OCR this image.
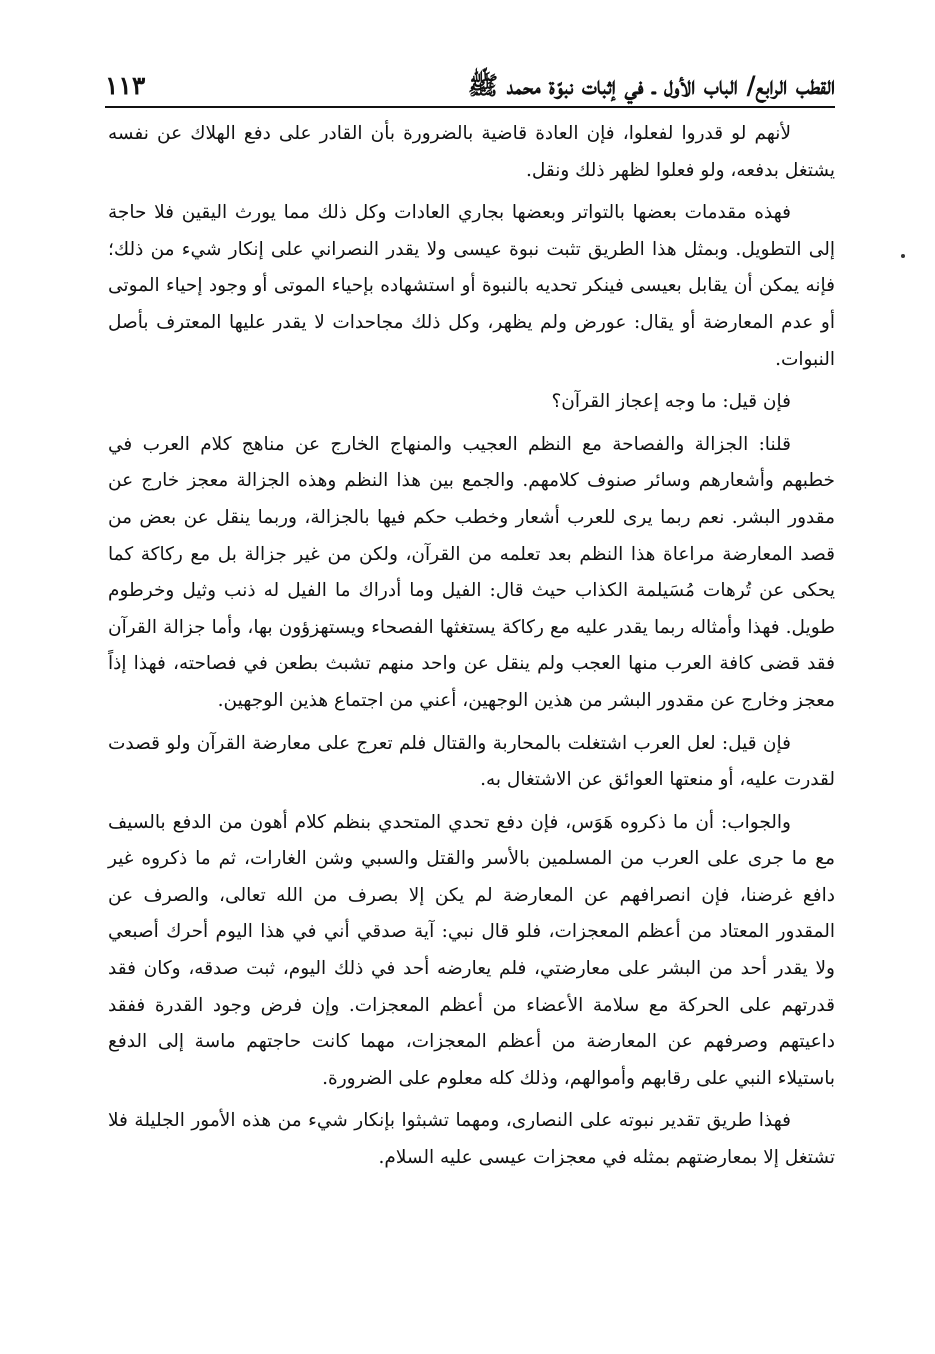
القطب الرابع/ الباب الأول ـ في إثبات نبوّة محمد ﷺ
١١٣

لأنهم لو قدروا لفعلوا، فإن العادة قاضية بالضرورة بأن القادر على دفع الهلاك عن نفسه يشتغل بدفعه، ولو فعلوا لظهر ذلك ونقل.

فهذه مقدمات بعضها بالتواتر وبعضها بجاري العادات وكل ذلك مما يورث اليقين فلا حاجة إلى التطويل. وبمثل هذا الطريق تثبت نبوة عيسى ولا يقدر النصراني على إنكار شيء من ذلك؛ فإنه يمكن أن يقابل بعيسى فينكر تحديه بالنبوة أو استشهاده بإحياء الموتى أو وجود إحياء الموتى أو عدم المعارضة أو يقال: عورض ولم يظهر، وكل ذلك مجاحدات لا يقدر عليها المعترف بأصل النبوات.

فإن قيل: ما وجه إعجاز القرآن؟

قلنا: الجزالة والفصاحة مع النظم العجيب والمنهاج الخارج عن مناهج كلام العرب في خطبهم وأشعارهم وسائر صنوف كلامهم. والجمع بين هذا النظم وهذه الجزالة معجز خارج عن مقدور البشر. نعم ربما يرى للعرب أشعار وخطب حكم فيها بالجزالة، وربما ينقل عن بعض من قصد المعارضة مراعاة هذا النظم بعد تعلمه من القرآن، ولكن من غير جزالة بل مع ركاكة كما يحكى عن تُرهات مُسَيلمة الكذاب حيث قال: الفيل وما أدراك ما الفيل له ذنب وثيل وخرطوم طويل. فهذا وأمثاله ربما يقدر عليه مع ركاكة يستغثها الفصحاء ويستهزؤون بها، وأما جزالة القرآن فقد قضى كافة العرب منها العجب ولم ينقل عن واحد منهم تشبث بطعن في فصاحته، فهذا إذاً معجز وخارج عن مقدور البشر من هذين الوجهين، أعني من اجتماع هذين الوجهين.

فإن قيل: لعل العرب اشتغلت بالمحاربة والقتال فلم تعرج على معارضة القرآن ولو قصدت لقدرت عليه، أو منعتها العوائق عن الاشتغال به.

والجواب: أن ما ذكروه هَوَس، فإن دفع تحدي المتحدي بنظم كلام أهون من الدفع بالسيف مع ما جرى على العرب من المسلمين بالأسر والقتل والسبي وشن الغارات، ثم ما ذكروه غير دافع غرضنا، فإن انصرافهم عن المعارضة لم يكن إلا بصرف من الله تعالى، والصرف عن المقدور المعتاد من أعظم المعجزات، فلو قال نبي: آية صدقي أني في هذا اليوم أحرك أصبعي ولا يقدر أحد من البشر على معارضتي، فلم يعارضه أحد في ذلك اليوم، ثبت صدقه، وكان فقد قدرتهم على الحركة مع سلامة الأعضاء من أعظم المعجزات. وإن فرض وجود القدرة ففقد داعيتهم وصرفهم عن المعارضة من أعظم المعجزات، مهما كانت حاجتهم ماسة إلى الدفع باستيلاء النبي على رقابهم وأموالهم، وذلك كله معلوم على الضرورة.

فهذا طريق تقدير نبوته على النصارى، ومهما تشبثوا بإنكار شيء من هذه الأمور الجليلة فلا تشتغل إلا بمعارضتهم بمثله في معجزات عيسى عليه السلام.
